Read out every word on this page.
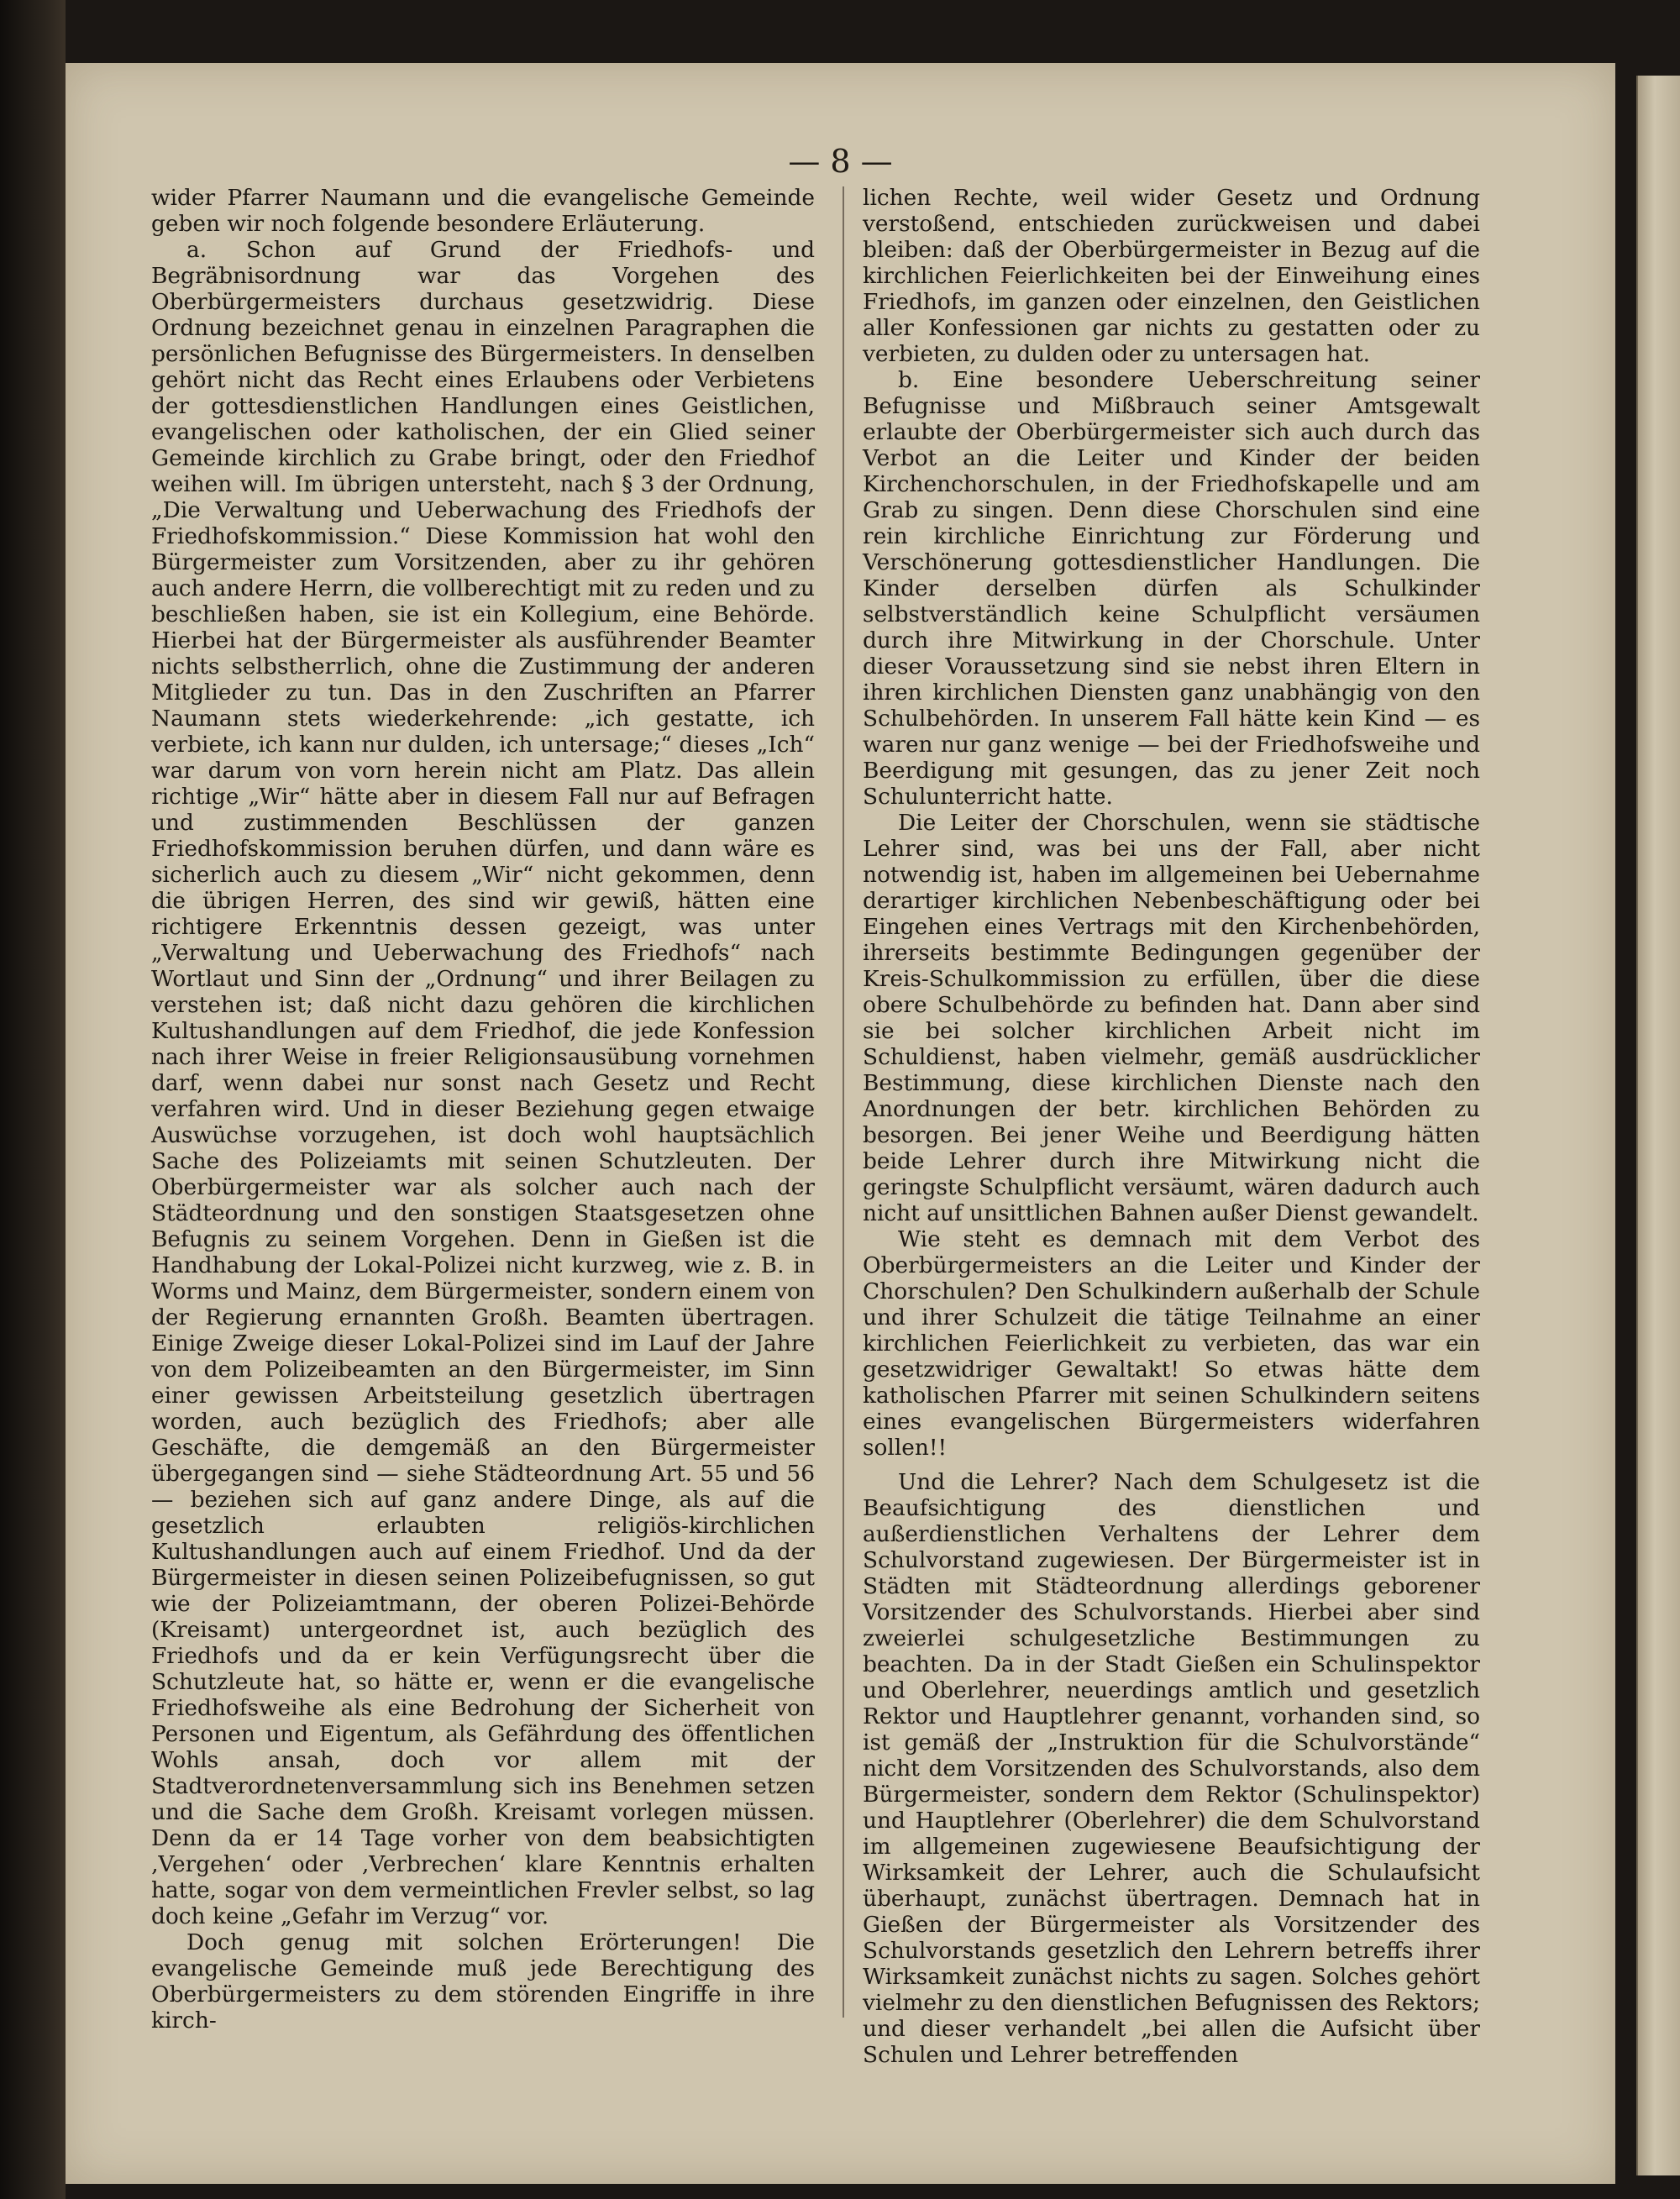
— 8 —

wider Pfarrer Naumann und die evangelische Gemeinde geben wir noch folgende besondere Erläuterung.

a. Schon auf Grund der Friedhofs- und Begräbnisordnung war das Vorgehen des Oberbürgermeisters durchaus gesetzwidrig. Diese Ordnung bezeichnet genau in einzelnen Paragraphen die persönlichen Befugnisse des Bürgermeisters. In denselben gehört nicht das Recht eines Erlaubens oder Verbietens der gottesdienstlichen Handlungen eines Geistlichen, evangelischen oder katholischen, der ein Glied seiner Gemeinde kirchlich zu Grabe bringt, oder den Friedhof weihen will. Im übrigen untersteht, nach § 3 der Ordnung, „Die Verwaltung und Ueberwachung des Friedhofs der Friedhofskommission.“ Diese Kommission hat wohl den Bürgermeister zum Vorsitzenden, aber zu ihr gehören auch andere Herrn, die vollberechtigt mit zu reden und zu beschließen haben, sie ist ein Kollegium, eine Behörde. Hierbei hat der Bürgermeister als ausführender Beamter nichts selbstherrlich, ohne die Zustimmung der anderen Mitglieder zu tun. Das in den Zuschriften an Pfarrer Naumann stets wiederkehrende: „ich gestatte, ich verbiete, ich kann nur dulden, ich untersage;“ dieses „Ich“ war darum von vorn herein nicht am Platz. Das allein richtige „Wir“ hätte aber in diesem Fall nur auf Befragen und zustimmenden Beschlüssen der ganzen Friedhofskommission beruhen dürfen, und dann wäre es sicherlich auch zu diesem „Wir“ nicht gekommen, denn die übrigen Herren, des sind wir gewiß, hätten eine richtigere Erkenntnis dessen gezeigt, was unter „Verwaltung und Ueberwachung des Friedhofs“ nach Wortlaut und Sinn der „Ordnung“ und ihrer Beilagen zu verstehen ist; daß nicht dazu gehören die kirchlichen Kultushandlungen auf dem Friedhof, die jede Konfession nach ihrer Weise in freier Religionsausübung vornehmen darf, wenn dabei nur sonst nach Gesetz und Recht verfahren wird. Und in dieser Beziehung gegen etwaige Auswüchse vorzugehen, ist doch wohl hauptsächlich Sache des Polizeiamts mit seinen Schutzleuten. Der Oberbürgermeister war als solcher auch nach der Städteordnung und den sonstigen Staatsgesetzen ohne Befugnis zu seinem Vorgehen. Denn in Gießen ist die Handhabung der Lokal-Polizei nicht kurzweg, wie z. B. in Worms und Mainz, dem Bürgermeister, sondern einem von der Regierung ernannten Großh. Beamten übertragen. Einige Zweige dieser Lokal-Polizei sind im Lauf der Jahre von dem Polizeibeamten an den Bürgermeister, im Sinn einer gewissen Arbeitsteilung gesetzlich übertragen worden, auch bezüglich des Friedhofs; aber alle Geschäfte, die demgemäß an den Bürgermeister übergegangen sind — siehe Städteordnung Art. 55 und 56 — beziehen sich auf ganz andere Dinge, als auf die gesetzlich erlaubten religiös-kirchlichen Kultushandlungen auch auf einem Friedhof. Und da der Bürgermeister in diesen seinen Polizeibefugnissen, so gut wie der Polizeiamtmann, der oberen Polizei-Behörde (Kreisamt) untergeordnet ist, auch bezüglich des Friedhofs und da er kein Verfügungsrecht über die Schutzleute hat, so hätte er, wenn er die evangelische Friedhofsweihe als eine Bedrohung der Sicherheit von Personen und Eigentum, als Gefährdung des öffentlichen Wohls ansah, doch vor allem mit der Stadtverordnetenversammlung sich ins Benehmen setzen und die Sache dem Großh. Kreisamt vorlegen müssen. Denn da er 14 Tage vorher von dem beabsichtigten ‚Vergehen‘ oder ‚Verbrechen‘ klare Kenntnis erhalten hatte, sogar von dem vermeintlichen Frevler selbst, so lag doch keine „Gefahr im Verzug“ vor.

Doch genug mit solchen Erörterungen! Die evangelische Gemeinde muß jede Berechtigung des Oberbürgermeisters zu dem störenden Eingriffe in ihre kirch-

lichen Rechte, weil wider Gesetz und Ordnung verstoßend, entschieden zurückweisen und dabei bleiben: daß der Oberbürgermeister in Bezug auf die kirchlichen Feierlichkeiten bei der Einweihung eines Friedhofs, im ganzen oder einzelnen, den Geistlichen aller Konfessionen gar nichts zu gestatten oder zu verbieten, zu dulden oder zu untersagen hat.

b. Eine besondere Ueberschreitung seiner Befugnisse und Mißbrauch seiner Amtsgewalt erlaubte der Oberbürgermeister sich auch durch das Verbot an die Leiter und Kinder der beiden Kirchenchorschulen, in der Friedhofskapelle und am Grab zu singen. Denn diese Chorschulen sind eine rein kirchliche Einrichtung zur Förderung und Verschönerung gottesdienstlicher Handlungen. Die Kinder derselben dürfen als Schulkinder selbstverständlich keine Schulpflicht versäumen durch ihre Mitwirkung in der Chorschule. Unter dieser Voraussetzung sind sie nebst ihren Eltern in ihren kirchlichen Diensten ganz unabhängig von den Schulbehörden. In unserem Fall hätte kein Kind — es waren nur ganz wenige — bei der Friedhofsweihe und Beerdigung mit gesungen, das zu jener Zeit noch Schulunterricht hatte.

Die Leiter der Chorschulen, wenn sie städtische Lehrer sind, was bei uns der Fall, aber nicht notwendig ist, haben im allgemeinen bei Uebernahme derartiger kirchlichen Nebenbeschäftigung oder bei Eingehen eines Vertrags mit den Kirchenbehörden, ihrerseits bestimmte Bedingungen gegenüber der Kreis-Schulkommission zu erfüllen, über die diese obere Schulbehörde zu befinden hat. Dann aber sind sie bei solcher kirchlichen Arbeit nicht im Schuldienst, haben vielmehr, gemäß ausdrücklicher Bestimmung, diese kirchlichen Dienste nach den Anordnungen der betr. kirchlichen Behörden zu besorgen. Bei jener Weihe und Beerdigung hätten beide Lehrer durch ihre Mitwirkung nicht die geringste Schulpflicht versäumt, wären dadurch auch nicht auf unsittlichen Bahnen außer Dienst gewandelt.

Wie steht es demnach mit dem Verbot des Oberbürgermeisters an die Leiter und Kinder der Chorschulen? Den Schulkindern außerhalb der Schule und ihrer Schulzeit die tätige Teilnahme an einer kirchlichen Feierlichkeit zu verbieten, das war ein gesetzwidriger Gewaltakt! So etwas hätte dem katholischen Pfarrer mit seinen Schulkindern seitens eines evangelischen Bürgermeisters widerfahren sollen!!

Und die Lehrer? Nach dem Schulgesetz ist die Beaufsichtigung des dienstlichen und außerdienstlichen Verhaltens der Lehrer dem Schulvorstand zugewiesen. Der Bürgermeister ist in Städten mit Städteordnung allerdings geborener Vorsitzender des Schulvorstands. Hierbei aber sind zweierlei schulgesetzliche Bestimmungen zu beachten. Da in der Stadt Gießen ein Schulinspektor und Oberlehrer, neuerdings amtlich und gesetzlich Rektor und Hauptlehrer genannt, vorhanden sind, so ist gemäß der „Instruktion für die Schulvorstände“ nicht dem Vorsitzenden des Schulvorstands, also dem Bürgermeister, sondern dem Rektor (Schulinspektor) und Hauptlehrer (Oberlehrer) die dem Schulvorstand im allgemeinen zugewiesene Beaufsichtigung der Wirksamkeit der Lehrer, auch die Schulaufsicht überhaupt, zunächst übertragen. Demnach hat in Gießen der Bürgermeister als Vorsitzender des Schulvorstands gesetzlich den Lehrern betreffs ihrer Wirksamkeit zunächst nichts zu sagen. Solches gehört vielmehr zu den dienstlichen Befugnissen des Rektors; und dieser verhandelt „bei allen die Aufsicht über Schulen und Lehrer betreffenden
